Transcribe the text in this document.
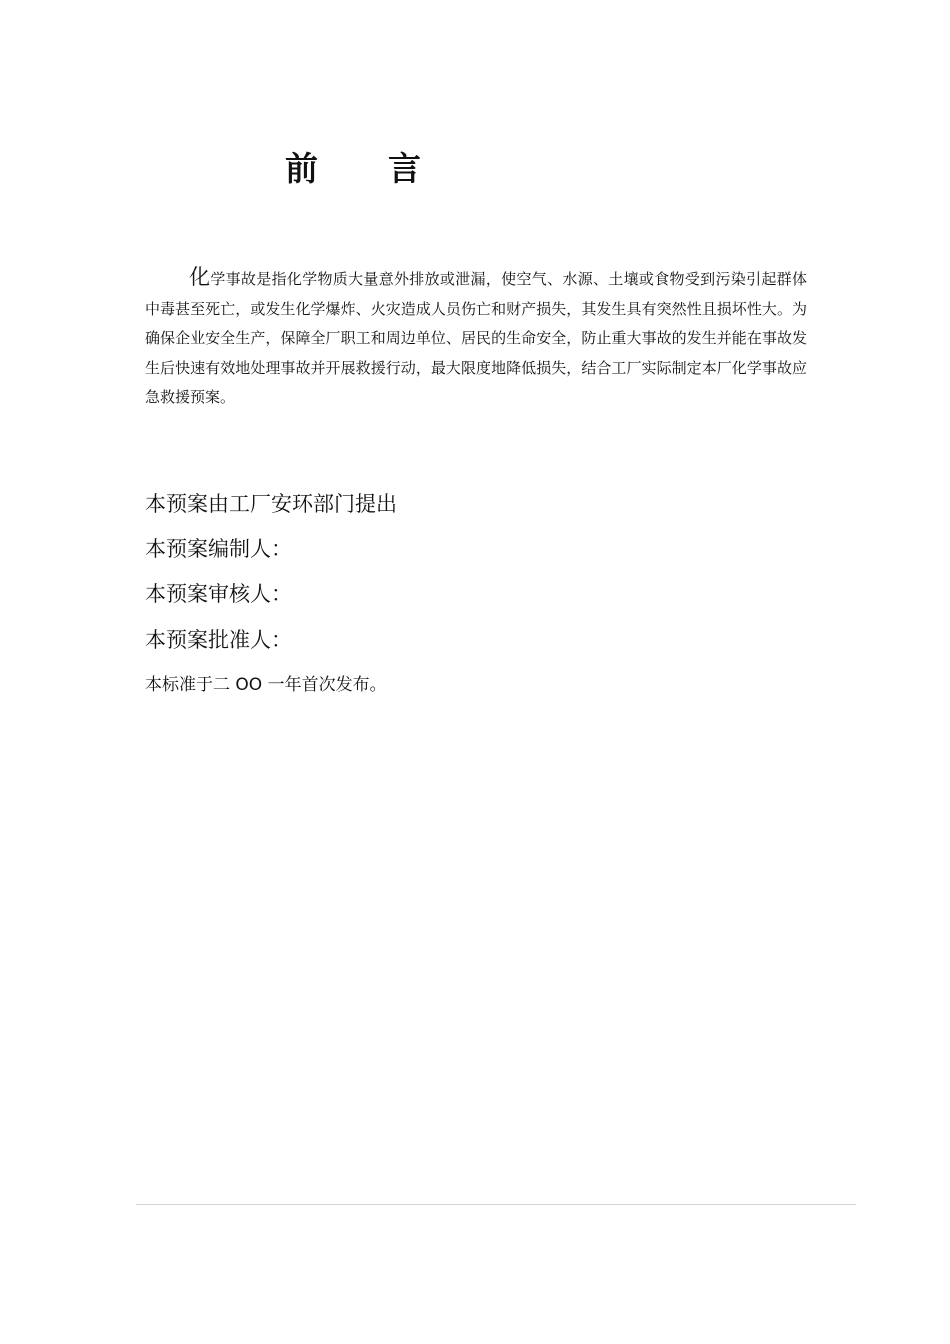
前 言
化学事故是指化学物质大量意外排放或泄漏，使空气、水源、土壤或食物受到污染引起群体中毒甚至死亡，或发生化学爆炸、火灾造成人员伤亡和财产损失，其发生具有突然性且损坏性大。为确保企业安全生产，保障全厂职工和周边单位、居民的生命安全，防止重大事故的发生并能在事故发生后快速有效地处理事故并开展救援行动，最大限度地降低损失，结合工厂实际制定本厂化学事故应急救援预案。
本预案由工厂安环部门提出
本预案编制人：
本预案审核人：
本预案批准人：
本标准于二 OO 一年首次发布。
